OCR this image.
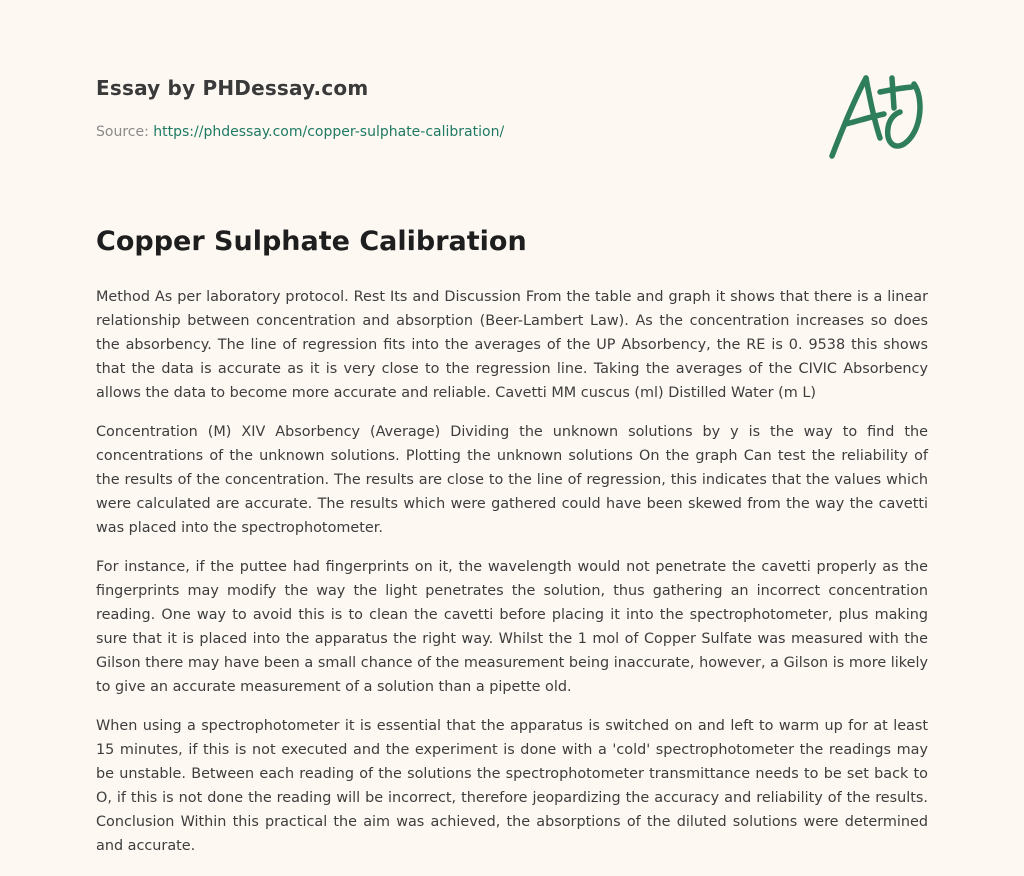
Essay by PHDessay.com
Source: https://phdessay.com/copper-sulphate-calibration/
Copper Sulphate Calibration

Method As per laboratory protocol. Rest Its and Discussion From the table and graph it shows that there is a linear relationship between concentration and absorption (Beer-Lambert Law). As the concentration increases so does the absorbency. The line of regression fits into the averages of the UP Absorbency, the RE is 0. 9538 this shows that the data is accurate as it is very close to the regression line. Taking the averages of the CIVIC Absorbency allows the data to become more accurate and reliable. Cavetti MM cuscus (ml) Distilled Water (m L)

Concentration (M) XIV Absorbency (Average) Dividing the unknown solutions by y is the way to find the concentrations of the unknown solutions. Plotting the unknown solutions On the graph Can test the reliability of the results of the concentration. The results are close to the line of regression, this indicates that the values which were calculated are accurate. The results which were gathered could have been skewed from the way the cavetti was placed into the spectrophotometer.

For instance, if the puttee had fingerprints on it, the wavelength would not penetrate the cavetti properly as the fingerprints may modify the way the light penetrates the solution, thus gathering an incorrect concentration reading. One way to avoid this is to clean the cavetti before placing it into the spectrophotometer, plus making sure that it is placed into the apparatus the right way. Whilst the 1 mol of Copper Sulfate was measured with the Gilson there may have been a small chance of the measurement being inaccurate, however, a Gilson is more likely to give an accurate measurement of a solution than a pipette old.

When using a spectrophotometer it is essential that the apparatus is switched on and left to warm up for at least 15 minutes, if this is not executed and the experiment is done with a 'cold' spectrophotometer the readings may be unstable. Between each reading of the solutions the spectrophotometer transmittance needs to be set back to O, if this is not done the reading will be incorrect, therefore jeopardizing the accuracy and reliability of the results. Conclusion Within this practical the aim was achieved, the absorptions of the diluted solutions were determined and accurate.
